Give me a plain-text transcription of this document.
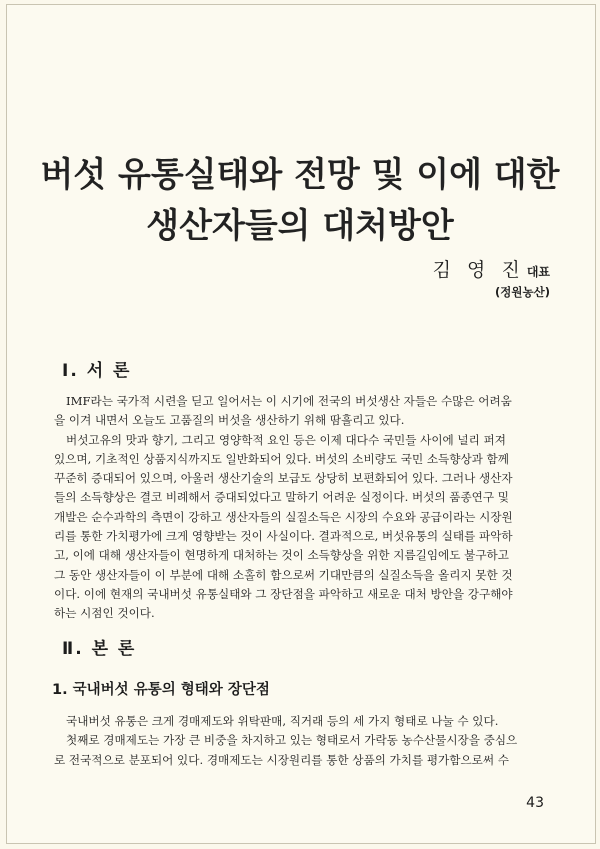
버섯 유통실태와 전망 및 이에 대한
생산자들의 대처방안
김 영 진 대표
(정원농산)
Ⅰ. 서 론
IMF라는 국가적 시련을 딛고 일어서는 이 시기에 전국의 버섯생산 자들은 수많은 어려움
을 이겨 내면서 오늘도 고품질의 버섯을 생산하기 위해 땀흘리고 있다.
버섯고유의 맛과 향기, 그리고 영양학적 요인 등은 이제 대다수 국민들 사이에 널리 퍼져
있으며, 기초적인 상품지식까지도 일반화되어 있다. 버섯의 소비량도 국민 소득향상과 함께
꾸준히 증대되어 있으며, 아울러 생산기술의 보급도 상당히 보편화되어 있다. 그러나 생산자
들의 소득향상은 결코 비례해서 증대되었다고 말하기 어려운 실정이다. 버섯의 품종연구 및
개발은 순수과학의 측면이 강하고 생산자들의 실질소득은 시장의 수요와 공급이라는 시장원
리를 통한 가치평가에 크게 영향받는 것이 사실이다. 결과적으로, 버섯유통의 실태를 파악하
고, 이에 대해 생산자들이 현명하게 대처하는 것이 소득향상을 위한 지름길임에도 불구하고
그 동안 생산자들이 이 부분에 대해 소홀히 함으로써 기대만큼의 실질소득을 올리지 못한 것
이다. 이에 현재의 국내버섯 유통실태와 그 장단점을 파악하고 새로운 대처 방안을 강구해야
하는 시점인 것이다.
Ⅱ. 본 론
1. 국내버섯 유통의 형태와 장단점
국내버섯 유통은 크게 경매제도와 위탁판매, 직거래 등의 세 가지 형태로 나눌 수 있다.
첫째로 경매제도는 가장 큰 비중을 차지하고 있는 형태로서 가락동 농수산물시장을 중심으
로 전국적으로 분포되어 있다. 경매제도는 시장원리를 통한 상품의 가치를 평가함으로써 수
43
